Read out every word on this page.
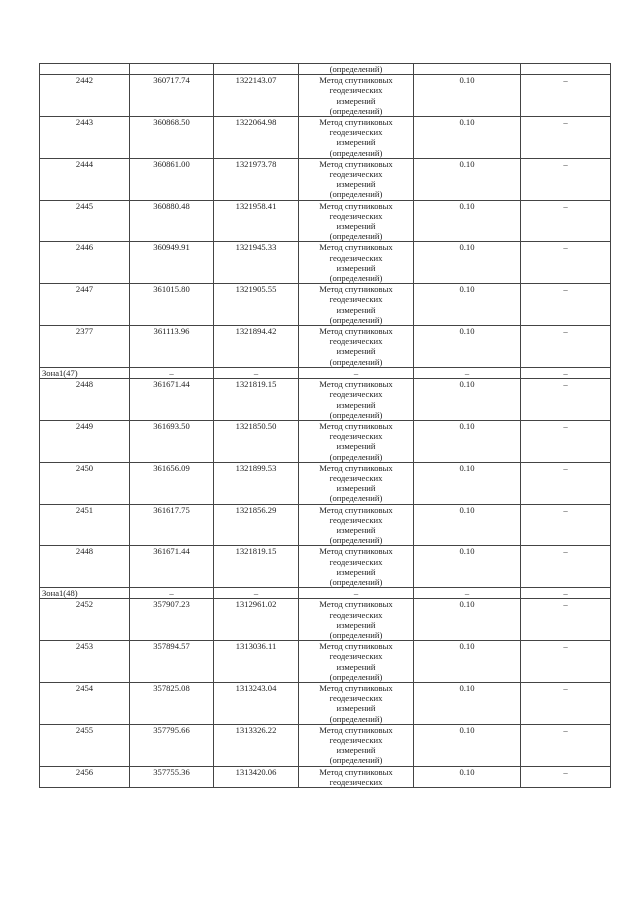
			(определений)		
2442	360717.74	1322143.07	Метод спутниковых
геодезических
измерений
(определений)	0.10	–
2443	360868.50	1322064.98	Метод спутниковых
геодезических
измерений
(определений)	0.10	–
2444	360861.00	1321973.78	Метод спутниковых
геодезических
измерений
(определений)	0.10	–
2445	360880.48	1321958.41	Метод спутниковых
геодезических
измерений
(определений)	0.10	–
2446	360949.91	1321945.33	Метод спутниковых
геодезических
измерений
(определений)	0.10	–
2447	361015.80	1321905.55	Метод спутниковых
геодезических
измерений
(определений)	0.10	–
2377	361113.96	1321894.42	Метод спутниковых
геодезических
измерений
(определений)	0.10	–
Зона1(47)	–	–	–	–	–
2448	361671.44	1321819.15	Метод спутниковых
геодезических
измерений
(определений)	0.10	–
2449	361693.50	1321850.50	Метод спутниковых
геодезических
измерений
(определений)	0.10	–
2450	361656.09	1321899.53	Метод спутниковых
геодезических
измерений
(определений)	0.10	–
2451	361617.75	1321856.29	Метод спутниковых
геодезических
измерений
(определений)	0.10	–
2448	361671.44	1321819.15	Метод спутниковых
геодезических
измерений
(определений)	0.10	–
Зона1(48)	–	–	–	–	–
2452	357907.23	1312961.02	Метод спутниковых
геодезических
измерений
(определений)	0.10	–
2453	357894.57	1313036.11	Метод спутниковых
геодезических
измерений
(определений)	0.10	–
2454	357825.08	1313243.04	Метод спутниковых
геодезических
измерений
(определений)	0.10	–
2455	357795.66	1313326.22	Метод спутниковых
геодезических
измерений
(определений)	0.10	–
2456	357755.36	1313420.06	Метод спутниковых
геодезических	0.10	–
